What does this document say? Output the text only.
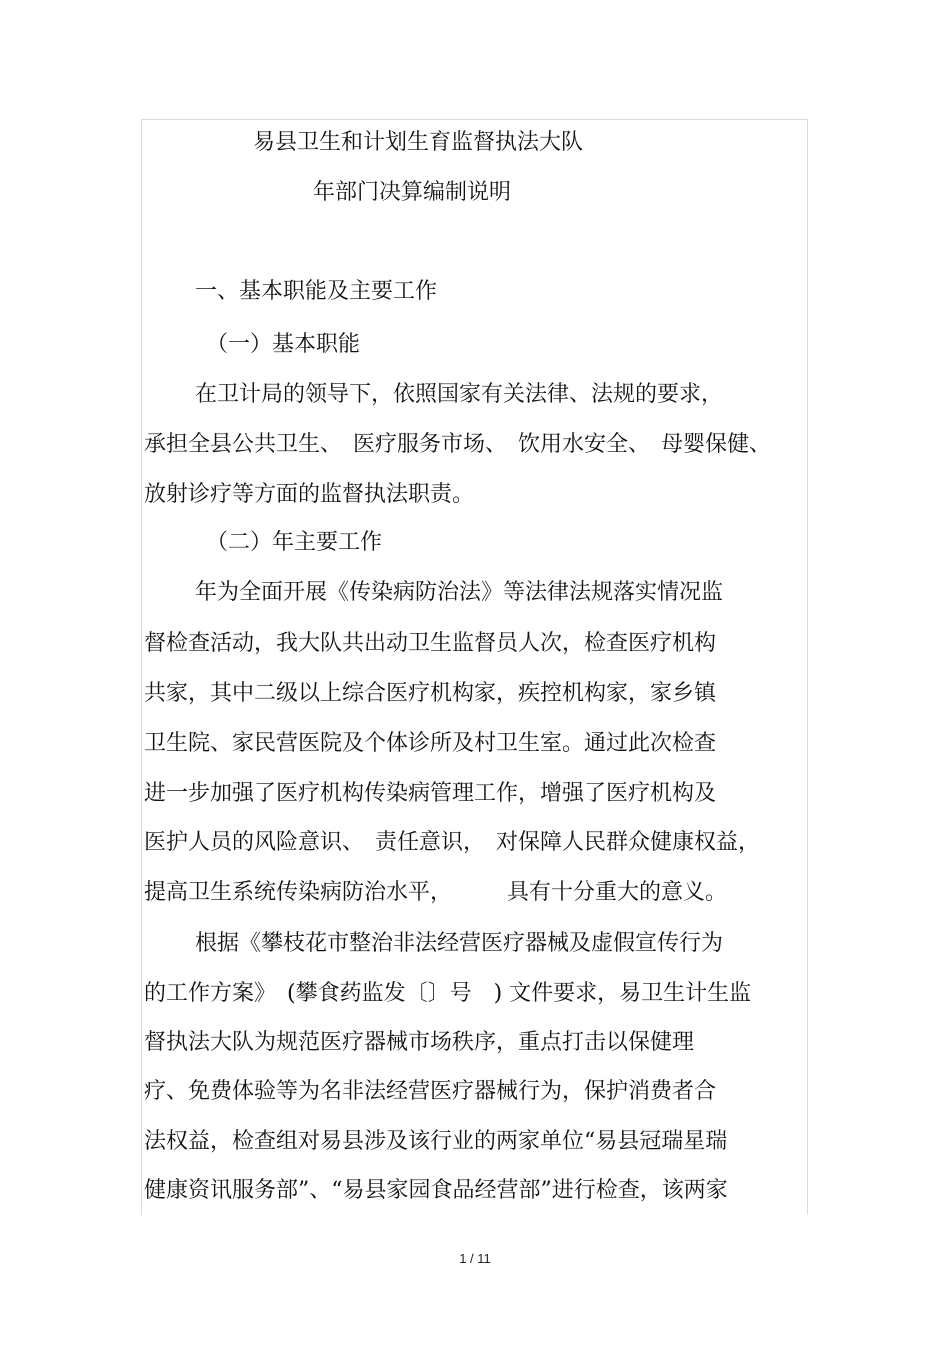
易县卫生和计划生育监督执法大队
年部门决算编制说明
一、基本职能及主要工作
（一）基本职能
在卫计局的领导下，依照国家有关法律、法规的要求，
承担全县公共卫生、　医疗服务市场、　饮用水安全、　母婴保健、
放射诊疗等方面的监督执法职责。
（二）年主要工作
年为全面开展《传染病防治法》等法律法规落实情况监
督检查活动，我大队共出动卫生监督员人次，检查医疗机构
共家，其中二级以上综合医疗机构家，疾控机构家，家乡镇
卫生院、家民营医院及个体诊所及村卫生室。通过此次检查
进一步加强了医疗机构传染病管理工作，增强了医疗机构及
医护人员的风险意识、　责任意识，　对保障人民群众健康权益，
提高卫生系统传染病防治水平，　　　具有十分重大的意义。
根据《攀枝花市整治非法经营医疗器械及虚假宣传行为
的工作方案》　(攀食药监发〔〕号　) 文件要求，易卫生计生监
督执法大队为规范医疗器械市场秩序，重点打击以保健理
疗、免费体验等为名非法经营医疗器械行为，保护消费者合
法权益，检查组对易县涉及该行业的两家单位“易县冠瑞星瑞
健康资讯服务部”、“易县家园食品经营部”进行检查，该两家
1 / 11
